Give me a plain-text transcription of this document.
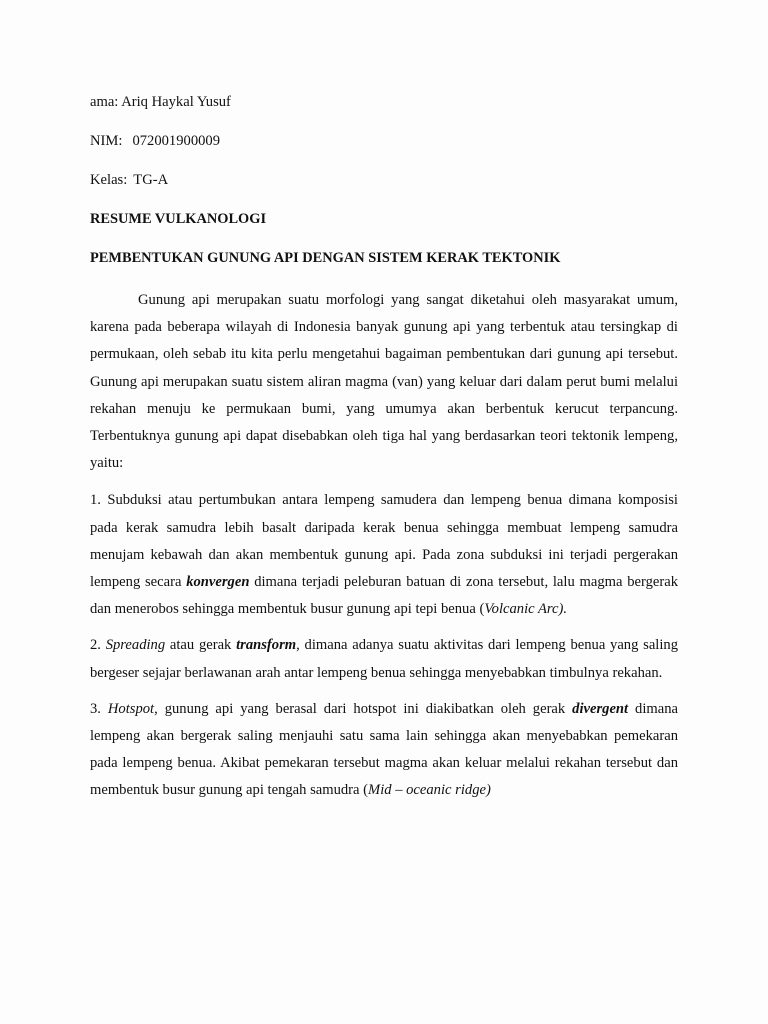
ama: Ariq Haykal Yusuf

NIM: 072001900009

Kelas: TG-A

RESUME VULKANOLOGI

PEMBENTUKAN GUNUNG API DENGAN SISTEM KERAK TEKTONIK

Gunung api merupakan suatu morfologi yang sangat diketahui oleh masyarakat umum, karena pada beberapa wilayah di Indonesia banyak gunung api yang terbentuk atau tersingkap di permukaan, oleh sebab itu kita perlu mengetahui bagaiman pembentukan dari gunung api tersebut. Gunung api merupakan suatu sistem aliran magma (van) yang keluar dari dalam perut bumi melalui rekahan menuju ke permukaan bumi, yang umumya akan berbentuk kerucut terpancung. Terbentuknya gunung api dapat disebabkan oleh tiga hal yang berdasarkan teori tektonik lempeng, yaitu:

1. Subduksi atau pertumbukan antara lempeng samudera dan lempeng benua dimana komposisi pada kerak samudra lebih basalt daripada kerak benua sehingga membuat lempeng samudra menujam kebawah dan akan membentuk gunung api. Pada zona subduksi ini terjadi pergerakan lempeng secara konvergen dimana terjadi peleburan batuan di zona tersebut, lalu magma bergerak dan menerobos sehingga membentuk busur gunung api tepi benua (Volcanic Arc).

2. Spreading atau gerak transform, dimana adanya suatu aktivitas dari lempeng benua yang saling bergeser sejajar berlawanan arah antar lempeng benua sehingga menyebabkan timbulnya rekahan.

3. Hotspot, gunung api yang berasal dari hotspot ini diakibatkan oleh gerak divergent dimana lempeng akan bergerak saling menjauhi satu sama lain sehingga akan menyebabkan pemekaran pada lempeng benua. Akibat pemekaran tersebut magma akan keluar melalui rekahan tersebut dan membentuk busur gunung api tengah samudra (Mid – oceanic ridge)
